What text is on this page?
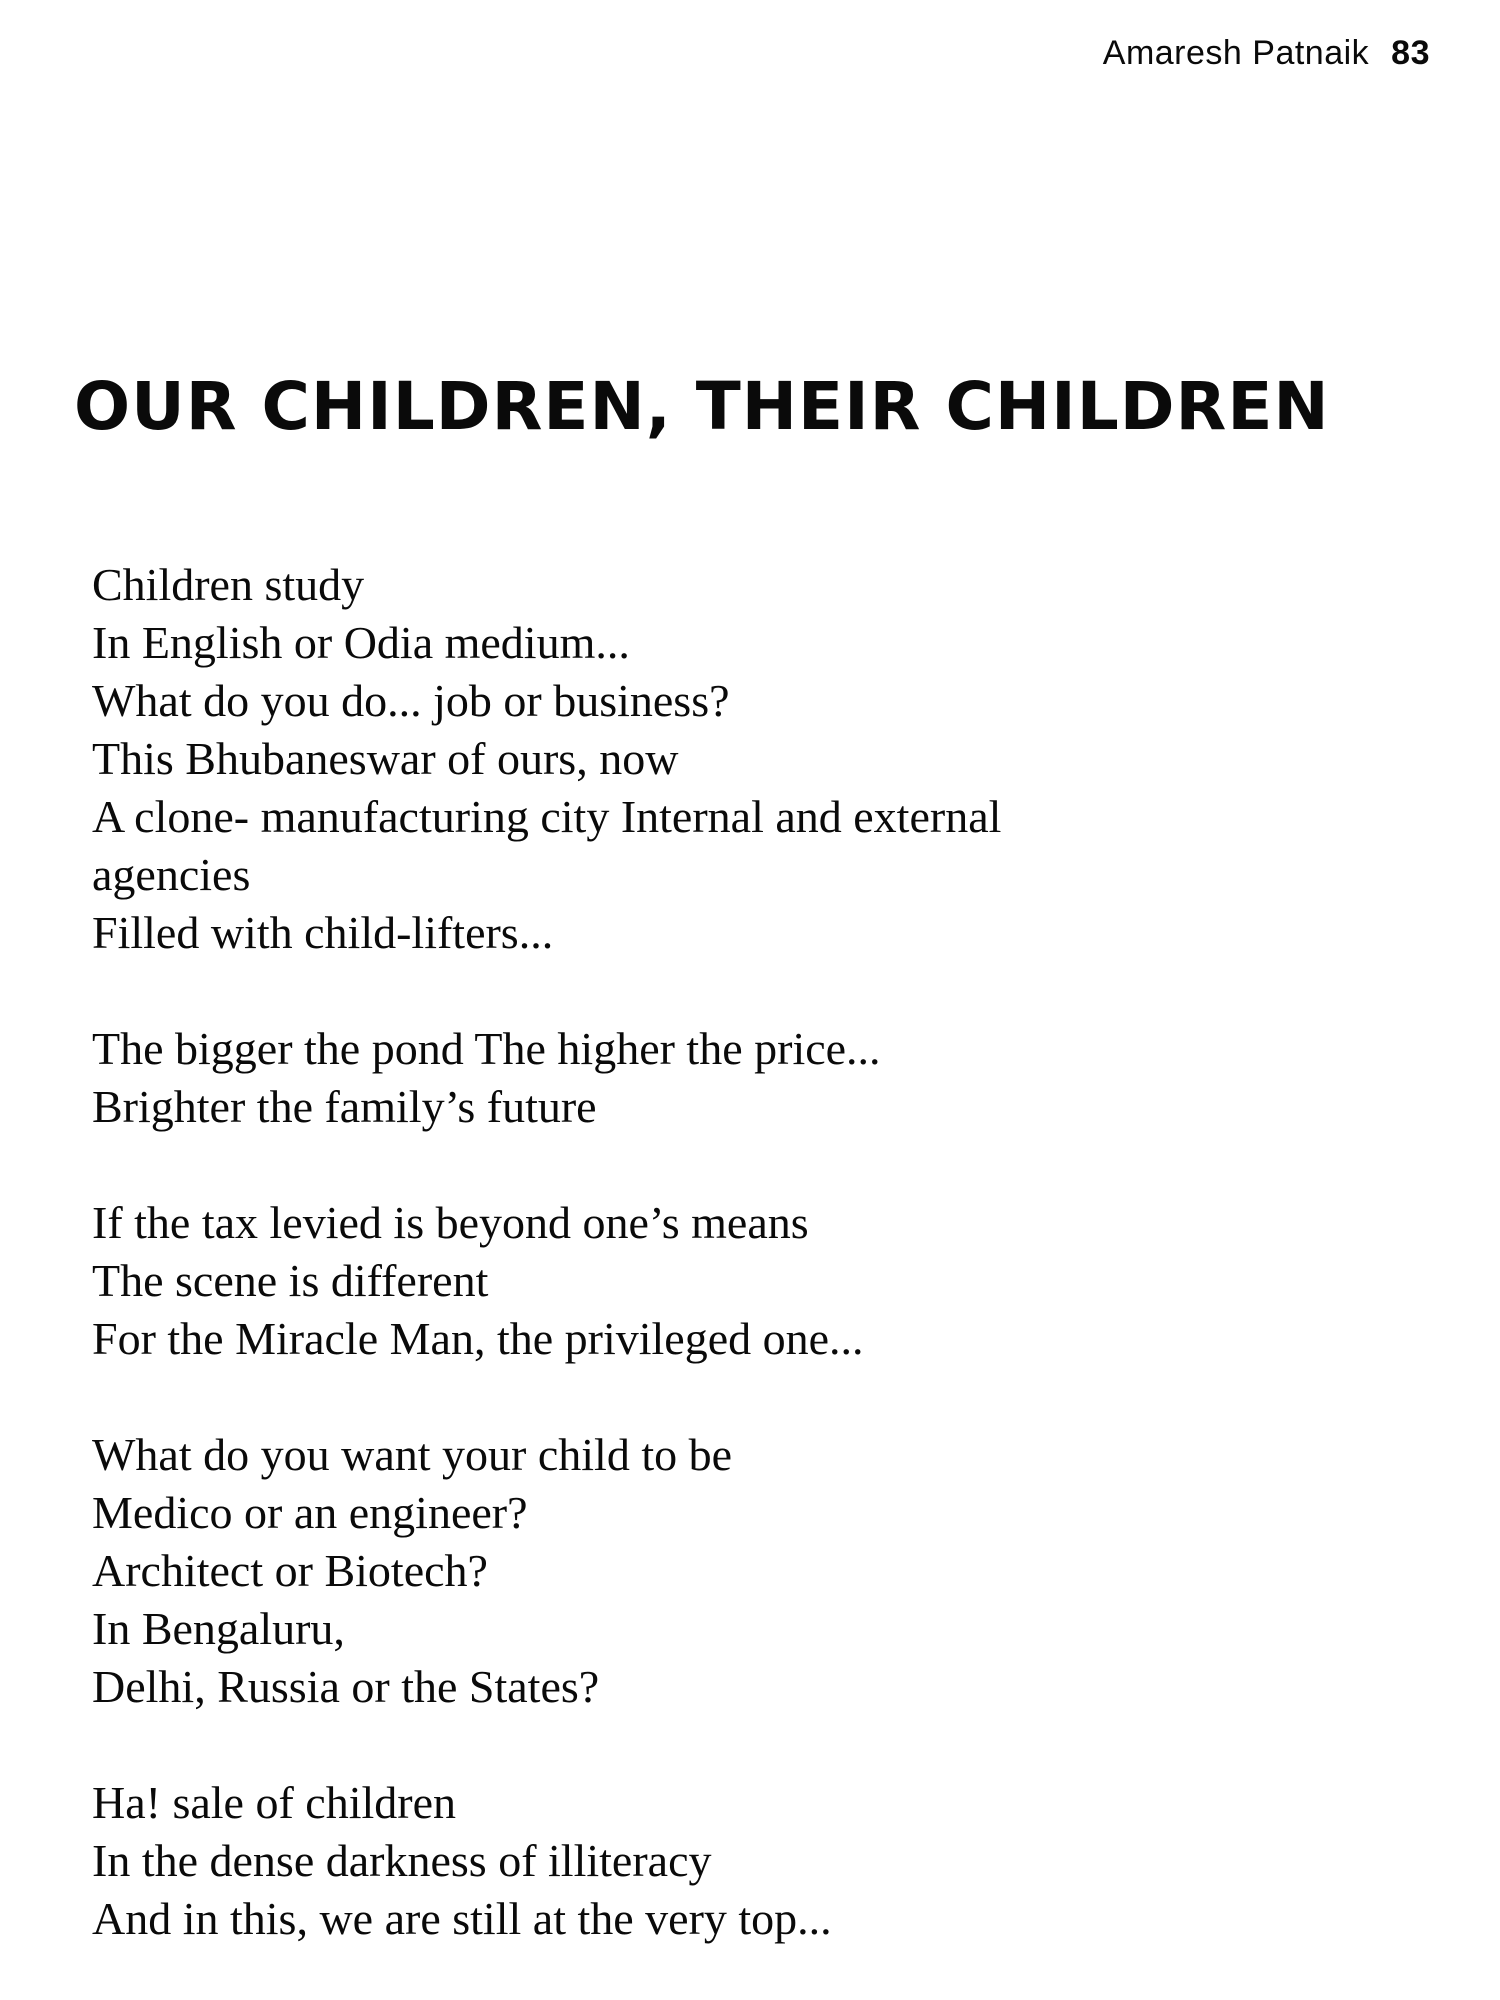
Amaresh Patnaik 83
OUR CHILDREN, THEIR CHILDREN
Children study
In English or Odia medium...
What do you do... job or business?
This Bhubaneswar of ours, now
A clone- manufacturing city Internal and external
agencies
Filled with child-lifters...
The bigger the pond The higher the price...
Brighter the family’s future
If the tax levied is beyond one’s means
The scene is different
For the Miracle Man, the privileged one...
What do you want your child to be
Medico or an engineer?
Architect or Biotech?
In Bengaluru,
Delhi, Russia or the States?
Ha! sale of children
In the dense darkness of illiteracy
And in this, we are still at the very top...
